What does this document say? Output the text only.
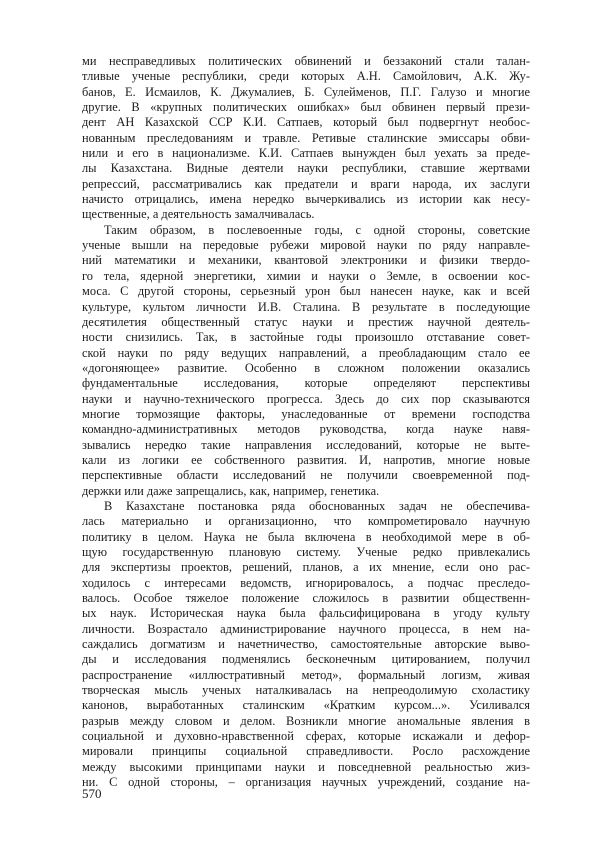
ми несправедливых политических обвинений и беззаконий стали талан-
тливые ученые республики, среди которых А.Н. Самойлович, А.К. Жу-
банов, Е. Исмаилов, К. Джумалиев, Б. Сулейменов, П.Г. Галузо и многие
другие. В «крупных политических ошибках» был обвинен первый прези-
дент АН Казахской ССР К.И. Сатпаев, который был подвергнут необос-
нованным преследованиям и травле. Ретивые сталинские эмиссары обви-
нили и его в национализме. К.И. Сатпаев вынужден был уехать за преде-
лы Казахстана. Видные деятели науки республики, ставшие жертвами
репрессий, рассматривались как предатели и враги народа, их заслуги
начисто отрицались, имена нередко вычеркивались из истории как несу-
щественные, а деятельность замалчивалась.
Таким образом, в послевоенные годы, с одной стороны, советские
ученые вышли на передовые рубежи мировой науки по ряду направле-
ний математики и механики, квантовой электроники и физики твердо-
го тела, ядерной энергетики, химии и науки о Земле, в освоении кос-
моса. С другой стороны, серьезный урон был нанесен науке, как и всей
культуре, культом личности И.В. Сталина. В результате в последующие
десятилетия общественный статус науки и престиж научной деятель-
ности снизились. Так, в застойные годы произошло отставание совет-
ской науки по ряду ведущих направлений, а преобладающим стало ее
«догоняющее» развитие. Особенно в сложном положении оказались
фундаментальные исследования, которые определяют перспективы
науки и научно-технического прогресса. Здесь до сих пор сказываются
многие тормозящие факторы, унаследованные от времени господства
командно-административных методов руководства, когда науке навя-
зывались нередко такие направления исследований, которые не выте-
кали из логики ее собственного развития. И, напротив, многие новые
перспективные области исследований не получили своевременной под-
держки или даже запрещались, как, например, генетика.
В Казахстане постановка ряда обоснованных задач не обеспечива-
лась материально и организационно, что компрометировало научную
политику в целом. Наука не была включена в необходимой мере в об-
щую государственную плановую систему. Ученые редко привлекались
для экспертизы проектов, решений, планов, а их мнение, если оно рас-
ходилось с интересами ведомств, игнорировалось, а подчас преследо-
валось. Особое тяжелое положение сложилось в развитии общественн-
ых наук. Историческая наука была фальсифицирована в угоду культу
личности. Возрастало администрирование научного процесса, в нем на-
саждались догматизм и начетничество, самостоятельные авторские выво-
ды и исследования подменялись бесконечным цитированием, получил
распространение «иллюстративный метод», формальный логизм, живая
творческая мысль ученых наталкивалась на непреодолимую схоластику
канонов, выработанных сталинским «Кратким курсом...». Усиливался
разрыв между словом и делом. Возникли многие аномальные явления в
социальной и духовно-нравственной сферах, которые искажали и дефор-
мировали принципы социальной справедливости. Росло расхождение
между высокими принципами науки и повседневной реальностью жиз-
ни. С одной стороны, – организация научных учреждений, создание на-
570
